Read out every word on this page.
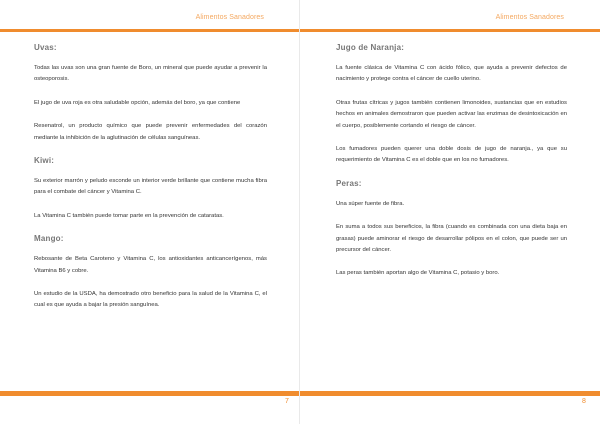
Alimentos Sanadores
Uvas:

Todas las uvas son una gran fuente de Boro, un mineral que puede ayudar a prevenir la osteoporosis.

El jugo de uva roja es otra saludable opción, además del boro, ya que contiene

Resenatrol, un producto químico que puede prevenir enfermedades del corazón mediante la inhibición de la aglutinación de células sanguíneas.

Kiwi:

Su exterior marrón y peludo esconde un interior verde brillante que contiene mucha fibra para el combate del cáncer y Vitamina C.

La Vitamina C también puede tomar parte en la prevención de cataratas.

Mango:

Rebosante de Beta Caroteno y Vitamina C, los antioxidantes anticancerígenos, más Vitamina B6 y cobre.

Un estudio de la USDA, ha demostrado otro beneficio para la salud de la Vitamina C, el cual es que ayuda a bajar la presión sanguínea.

7
Alimentos Sanadores
Jugo de Naranja:

La fuente clásica de Vitamina C con ácido fólico, que ayuda a prevenir defectos de nacimiento y protege contra el cáncer de cuello uterino.

Otras frutas cítricas y jugos también contienen limonoides, sustancias que en estudios hechos en animales demostraron que pueden activar las enzimas de desintoxicación en el cuerpo, posiblemente cortando el riesgo de cáncer.

Los fumadores pueden querer una doble dosis de jugo de naranja., ya que su requerimiento de Vitamina C es el doble que en los no fumadores.

Peras:

Una súper fuente de fibra.

En suma a todos sus beneficios, la fibra (cuando es combinada con una dieta baja en grasas) puede aminorar el riesgo de desarrollar pólipos en el colon, que puede ser un precursor del cáncer.

Las peras también aportan algo de Vitamina C, potasio y boro.

8
